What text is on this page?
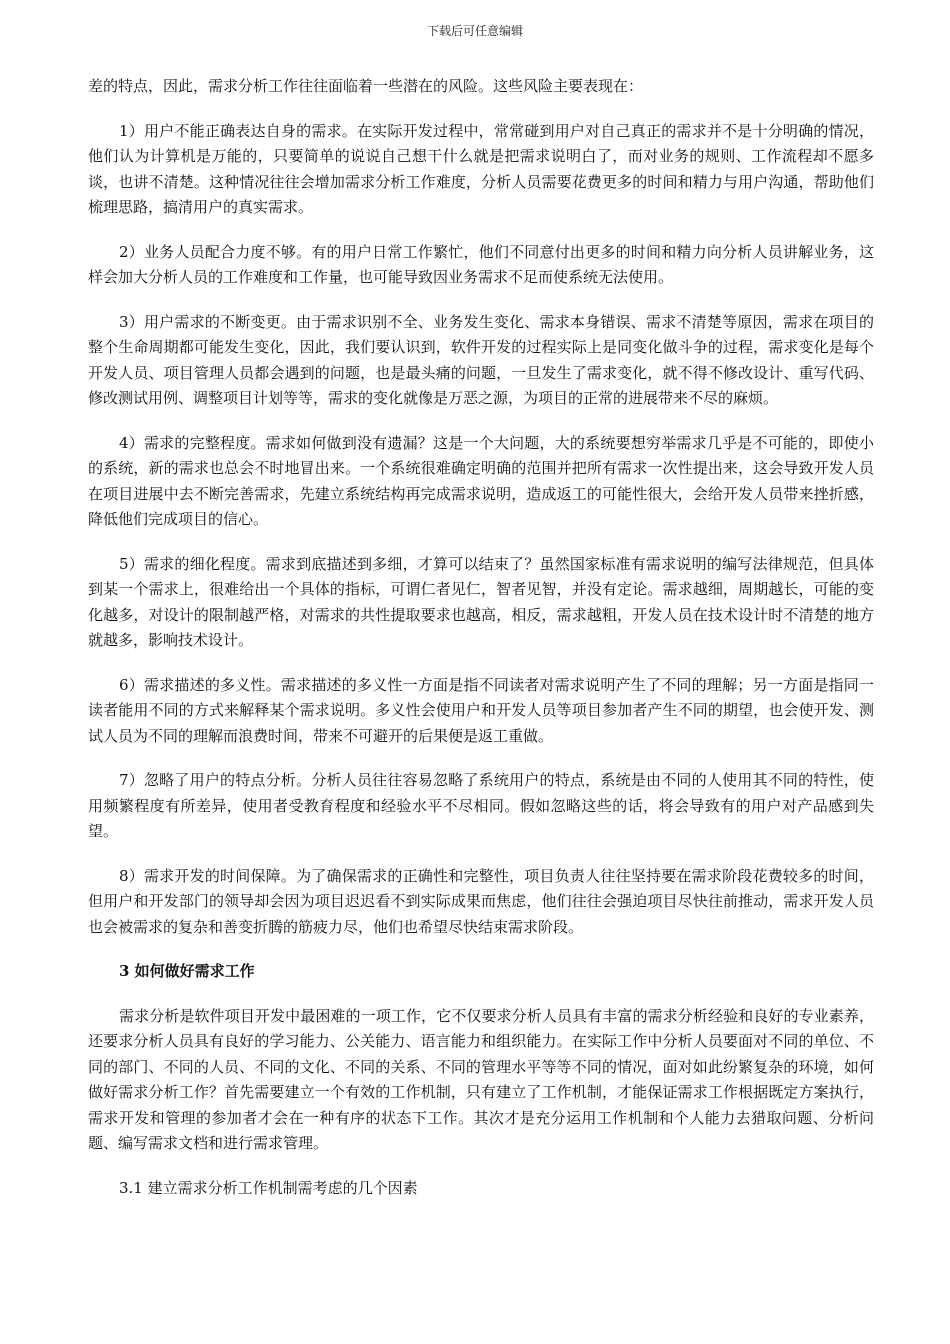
下载后可任意编辑

差的特点，因此，需求分析工作往往面临着一些潜在的风险。这些风险主要表现在：

1）用户不能正确表达自身的需求。在实际开发过程中，常常碰到用户对自己真正的需求并不是十分明确的情况，他们认为计算机是万能的，只要简单的说说自己想干什么就是把需求说明白了，而对业务的规则、工作流程却不愿多谈，也讲不清楚。这种情况往往会增加需求分析工作难度，分析人员需要花费更多的时间和精力与用户沟通，帮助他们梳理思路，搞清用户的真实需求。

2）业务人员配合力度不够。有的用户日常工作繁忙，他们不同意付出更多的时间和精力向分析人员讲解业务，这样会加大分析人员的工作难度和工作量，也可能导致因业务需求不足而使系统无法使用。

3）用户需求的不断变更。由于需求识别不全、业务发生变化、需求本身错误、需求不清楚等原因，需求在项目的整个生命周期都可能发生变化，因此，我们要认识到，软件开发的过程实际上是同变化做斗争的过程，需求变化是每个开发人员、项目管理人员都会遇到的问题，也是最头痛的问题，一旦发生了需求变化，就不得不修改设计、重写代码、修改测试用例、调整项目计划等等，需求的变化就像是万恶之源，为项目的正常的进展带来不尽的麻烦。

4）需求的完整程度。需求如何做到没有遗漏？这是一个大问题，大的系统要想穷举需求几乎是不可能的，即使小的系统，新的需求也总会不时地冒出来。一个系统很难确定明确的范围并把所有需求一次性提出来，这会导致开发人员在项目进展中去不断完善需求，先建立系统结构再完成需求说明，造成返工的可能性很大，会给开发人员带来挫折感，降低他们完成项目的信心。

5）需求的细化程度。需求到底描述到多细，才算可以结束了？虽然国家标准有需求说明的编写法律规范，但具体到某一个需求上，很难给出一个具体的指标，可谓仁者见仁，智者见智，并没有定论。需求越细，周期越长，可能的变化越多，对设计的限制越严格，对需求的共性提取要求也越高，相反，需求越粗，开发人员在技术设计时不清楚的地方就越多，影响技术设计。

6）需求描述的多义性。需求描述的多义性一方面是指不同读者对需求说明产生了不同的理解；另一方面是指同一读者能用不同的方式来解释某个需求说明。多义性会使用户和开发人员等项目参加者产生不同的期望，也会使开发、测试人员为不同的理解而浪费时间，带来不可避开的后果便是返工重做。

7）忽略了用户的特点分析。分析人员往往容易忽略了系统用户的特点，系统是由不同的人使用其不同的特性，使用频繁程度有所差异，使用者受教育程度和经验水平不尽相同。假如忽略这些的话，将会导致有的用户对产品感到失望。

8）需求开发的时间保障。为了确保需求的正确性和完整性，项目负责人往往坚持要在需求阶段花费较多的时间，但用户和开发部门的领导却会因为项目迟迟看不到实际成果而焦虑，他们往往会强迫项目尽快往前推动，需求开发人员也会被需求的复杂和善变折腾的筋疲力尽，他们也希望尽快结束需求阶段。

3 如何做好需求工作

需求分析是软件项目开发中最困难的一项工作，它不仅要求分析人员具有丰富的需求分析经验和良好的专业素养，还要求分析人员具有良好的学习能力、公关能力、语言能力和组织能力。在实际工作中分析人员要面对不同的单位、不同的部门、不同的人员、不同的文化、不同的关系、不同的管理水平等等不同的情况，面对如此纷繁复杂的环境，如何做好需求分析工作？首先需要建立一个有效的工作机制，只有建立了工作机制，才能保证需求工作根据既定方案执行，需求开发和管理的参加者才会在一种有序的状态下工作。其次才是充分运用工作机制和个人能力去猎取问题、分析问题、编写需求文档和进行需求管理。

3.1 建立需求分析工作机制需考虑的几个因素
